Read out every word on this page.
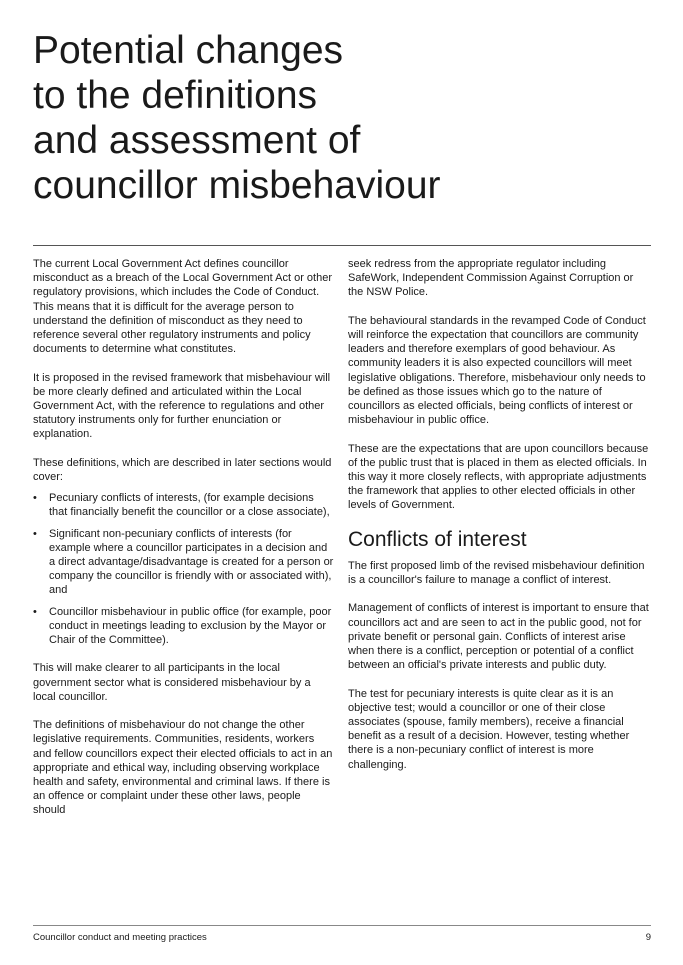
Potential changes
to the definitions
and assessment of
councillor misbehaviour

The current Local Government Act defines councillor misconduct as a breach of the Local Government Act or other regulatory provisions, which includes the Code of Conduct. This means that it is difficult for the average person to understand the definition of misconduct as they need to reference several other regulatory instruments and policy documents to determine what constitutes.

It is proposed in the revised framework that misbehaviour will be more clearly defined and articulated within the Local Government Act, with the reference to regulations and other statutory instruments only for further enunciation or explanation.

These definitions, which are described in later sections would cover:

• Pecuniary conflicts of interests, (for example decisions that financially benefit the councillor or a close associate),
• Significant non-pecuniary conflicts of interests (for example where a councillor participates in a decision and a direct advantage/disadvantage is created for a person or company the councillor is friendly with or associated with), and
• Councillor misbehaviour in public office (for example, poor conduct in meetings leading to exclusion by the Mayor or Chair of the Committee).

This will make clearer to all participants in the local government sector what is considered misbehaviour by a local councillor.

The definitions of misbehaviour do not change the other legislative requirements. Communities, residents, workers and fellow councillors expect their elected officials to act in an appropriate and ethical way, including observing workplace health and safety, environmental and criminal laws. If there is an offence or complaint under these other laws, people should

seek redress from the appropriate regulator including SafeWork, Independent Commission Against Corruption or the NSW Police.

The behavioural standards in the revamped Code of Conduct will reinforce the expectation that councillors are community leaders and therefore exemplars of good behaviour. As community leaders it is also expected councillors will meet legislative obligations. Therefore, misbehaviour only needs to be defined as those issues which go to the nature of councillors as elected officials, being conflicts of interest or misbehaviour in public office.

These are the expectations that are upon councillors because of the public trust that is placed in them as elected officials. In this way it more closely reflects, with appropriate adjustments the framework that applies to other elected officials in other levels of Government.

Conflicts of interest

The first proposed limb of the revised misbehaviour definition is a councillor's failure to manage a conflict of interest.

Management of conflicts of interest is important to ensure that councillors act and are seen to act in the public good, not for private benefit or personal gain. Conflicts of interest arise when there is a conflict, perception or potential of a conflict between an official's private interests and public duty.

The test for pecuniary interests is quite clear as it is an objective test; would a councillor or one of their close associates (spouse, family members), receive a financial benefit as a result of a decision. However, testing whether there is a non-pecuniary conflict of interest is more challenging.

Councillor conduct and meeting practices	9
